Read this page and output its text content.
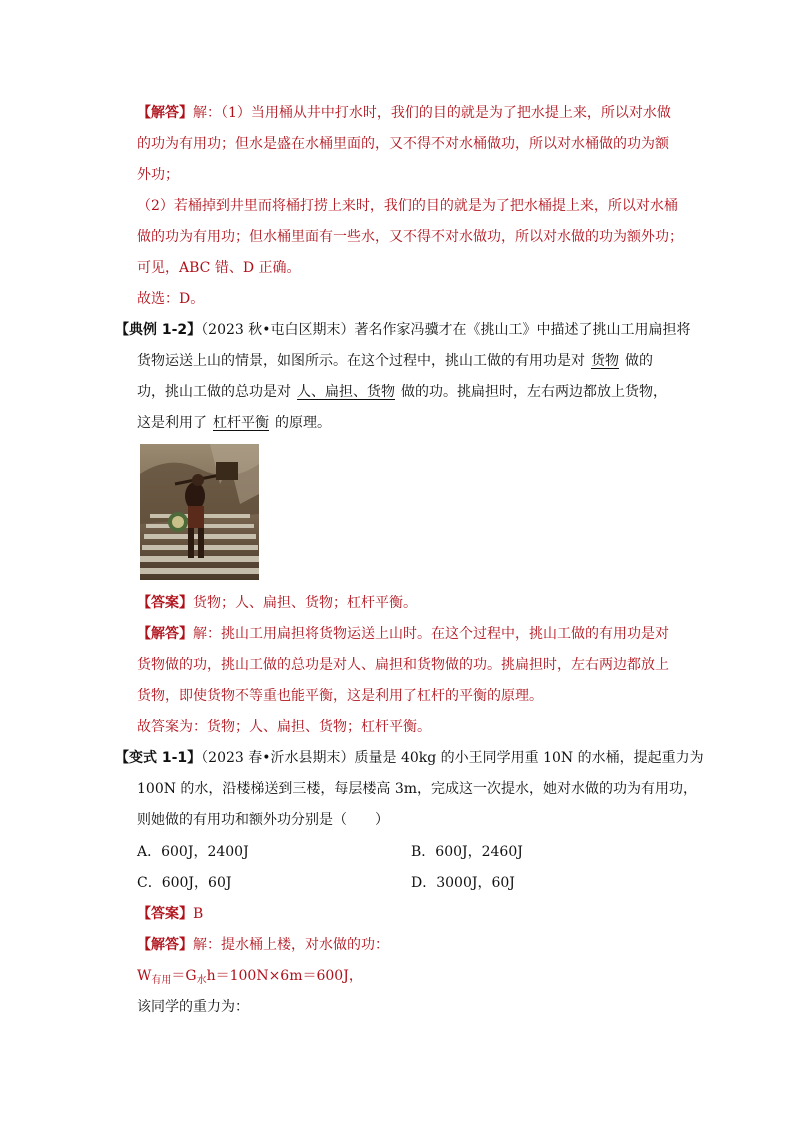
【解答】解：（1）当用桶从井中打水时，我们的目的就是为了把水提上来，所以对水做
的功为有用功；但水是盛在水桶里面的，又不得不对水桶做功，所以对水桶做的功为额
外功；
（2）若桶掉到井里而将桶打捞上来时，我们的目的就是为了把水桶提上来，所以对水桶
做的功为有用功；但水桶里面有一些水，又不得不对水做功，所以对水做的功为额外功；
可见，ABC 错、D 正确。
故选：D。
【典例 1-2】（2023 秋•屯白区期末）著名作家冯骥才在《挑山工》中描述了挑山工用扁担将
货物运送上山的情景，如图所示。在这个过程中，挑山工做的有用功是对 货物 做的
功，挑山工做的总功是对 人、扁担、货物 做的功。挑扁担时，左右两边都放上货物，
这是利用了 杠杆平衡 的原理。
【答案】货物；人、扁担、货物；杠杆平衡。
【解答】解：挑山工用扁担将货物运送上山时。在这个过程中，挑山工做的有用功是对
货物做的功，挑山工做的总功是对人、扁担和货物做的功。挑扁担时，左右两边都放上
货物，即使货物不等重也能平衡，这是利用了杠杆的平衡的原理。
故答案为：货物；人、扁担、货物；杠杆平衡。
【变式 1-1】（2023 春•沂水县期末）质量是 40kg 的小王同学用重 10N 的水桶，提起重力为
100N 的水，沿楼梯送到三楼，每层楼高 3m，完成这一次提水，她对水做的功为有用功，
则她做的有用功和额外功分别是（　　）
A．600J，2400J	B．600J，2460J
C．600J，60J	D．3000J，60J
【答案】B
【解答】解：提水桶上楼，对水做的功：
$W_{有用}=G_水h=100N\times 6m=600J$，
该同学的重力为：
